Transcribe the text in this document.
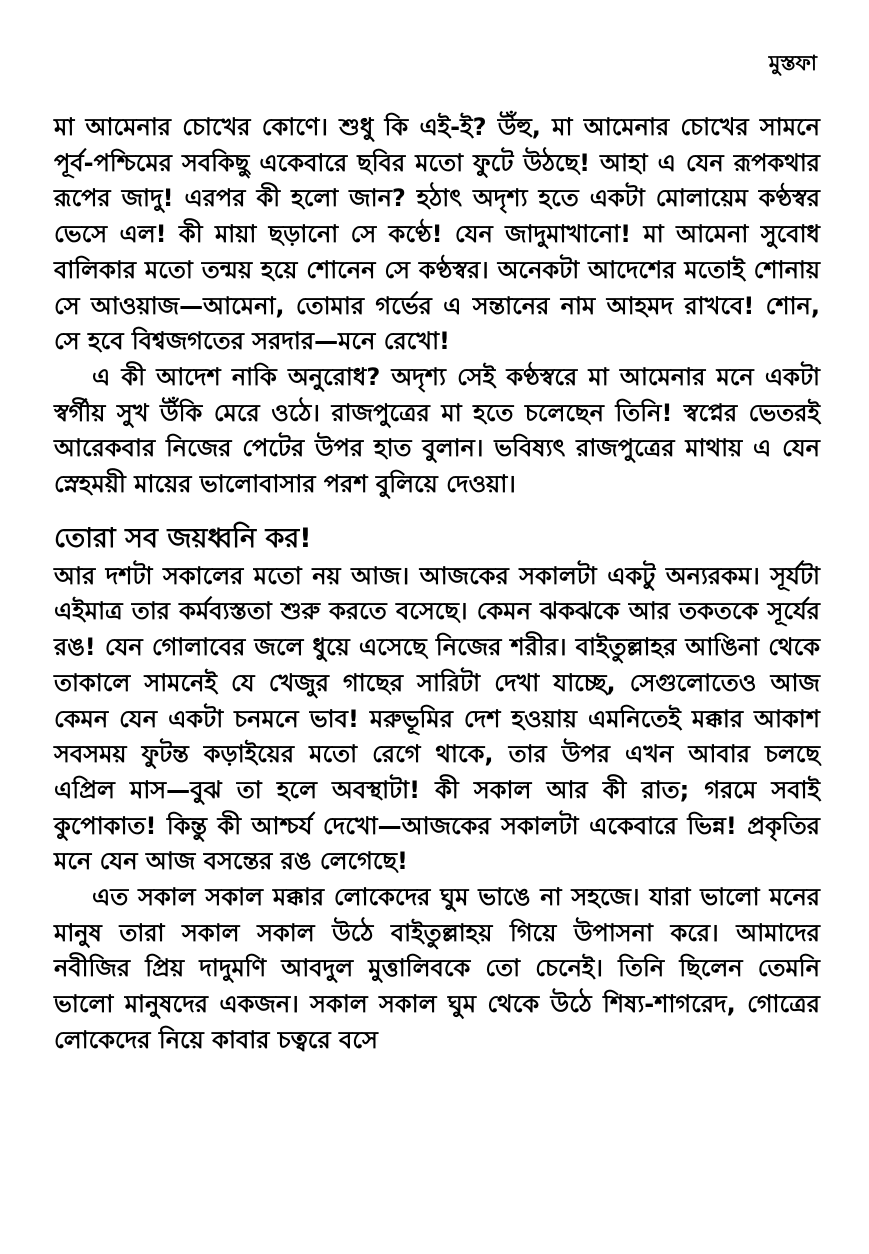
মুস্তফা

মা আমেনার চোখের কোণে। শুধু কি এই-ই? উঁহু, মা আমেনার চোখের সামনে পূর্ব-পশ্চিমের সবকিছু একেবারে ছবির মতো ফুটে উঠছে! আহা এ যেন রূপকথার রূপের জাদু! এরপর কী হলো জান? হঠাৎ অদৃশ্য হতে একটা মোলায়েম কণ্ঠস্বর ভেসে এল! কী মায়া ছড়ানো সে কণ্ঠে! যেন জাদুমাখানো! মা আমেনা সুবোধ বালিকার মতো তন্ময় হয়ে শোনেন সে কণ্ঠস্বর। অনেকটা আদেশের মতোই শোনায় সে আওয়াজ—আমেনা, তোমার গর্ভের এ সন্তানের নাম আহমদ রাখবে! শোন, সে হবে বিশ্বজগতের সরদার—মনে রেখো!

এ কী আদেশ নাকি অনুরোধ? অদৃশ্য সেই কণ্ঠস্বরে মা আমেনার মনে একটা স্বর্গীয় সুখ উঁকি মেরে ওঠে। রাজপুত্রের মা হতে চলেছেন তিনি! স্বপ্নের ভেতরই আরেকবার নিজের পেটের উপর হাত বুলান। ভবিষ্যৎ রাজপুত্রের মাথায় এ যেন স্নেহময়ী মায়ের ভালোবাসার পরশ বুলিয়ে দেওয়া।

তোরা সব জয়ধ্বনি কর!

আর দশটা সকালের মতো নয় আজ। আজকের সকালটা একটু অন্যরকম। সূর্যটা এইমাত্র তার কর্মব্যস্ততা শুরু করতে বসেছে। কেমন ঝকঝকে আর তকতকে সূর্যের রঙ! যেন গোলাবের জলে ধুয়ে এসেছে নিজের শরীর। বাইতুল্লাহর আঙিনা থেকে তাকালে সামনেই যে খেজুর গাছের সারিটা দেখা যাচ্ছে, সেগুলোতেও আজ কেমন যেন একটা চনমনে ভাব! মরুভূমির দেশ হওয়ায় এমনিতেই মক্কার আকাশ সবসময় ফুটন্ত কড়াইয়ের মতো রেগে থাকে, তার উপর এখন আবার চলছে এপ্রিল মাস—বুঝ তা হলে অবস্থাটা! কী সকাল আর কী রাত; গরমে সবাই কুপোকাত! কিন্তু কী আশ্চর্য দেখো—আজকের সকালটা একেবারে ভিন্ন! প্রকৃতির মনে যেন আজ বসন্তের রঙ লেগেছে!

এত সকাল সকাল মক্কার লোকেদের ঘুম ভাঙে না সহজে। যারা ভালো মনের মানুষ তারা সকাল সকাল উঠে বাইতুল্লাহয় গিয়ে উপাসনা করে। আমাদের নবীজির প্রিয় দাদুমণি আবদুল মুত্তালিবকে তো চেনেই। তিনি ছিলেন তেমনি ভালো মানুষদের একজন। সকাল সকাল ঘুম থেকে উঠে শিষ্য-শাগরেদ, গোত্রের লোকেদের নিয়ে কাবার চত্বরে বসে
